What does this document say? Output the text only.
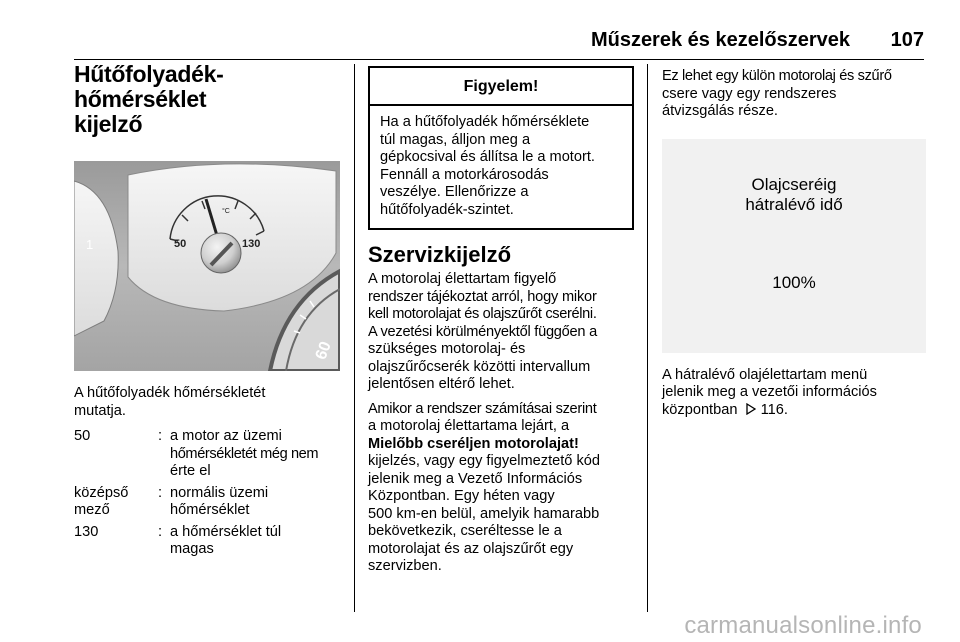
Műszerek és kezelőszervek 107
Hűtőfolyadék-hőmérséklet
kijelző
50	130
°C
1
60
A hűtőfolyadék hőmérsékletét
mutatja.
50	: a motor az üzemi
hőmérsékletét még nem
érte el
középső
mező
: normális üzemi
hőmérséklet
130	: a hőmérséklet túl
magas
Figyelem!
Ha a hűtőfolyadék hőmérséklete
túl magas, álljon meg a
gépkocsival és állítsa le a motort.
Fennáll a motorkárosodás
veszélye. Ellenőrizze a
hűtőfolyadék-szintet.
Szervizkijelző
A motorolaj élettartam figyelő
rendszer tájékoztat arról, hogy mikor
kell motorolajat és olajszűrőt cserélni.
A vezetési körülményektől függően a
szükséges motorolaj- és
olajszűrőcserék közötti intervallum
jelentősen eltérő lehet.
Amikor a rendszer számításai szerint
a motorolaj élettartama lejárt, a
Mielőbb cseréljen motorolajat!
kijelzés, vagy egy figyelmeztető kód
jelenik meg a Vezető Információs
Központban. Egy héten vagy
500 km-en belül, amelyik hamarabb
bekövetkezik, cseréltesse le a
motorolajat és az olajszűrőt egy
szervizben.
Ez lehet egy külön motorolaj és szűrő
csere vagy egy rendszeres
átvizsgálás része.
Olajcseréig
hátralévő idő
100%
A hátralévő olajélettartam menü
jelenik meg a vezetői információs
központban  116.
carmanualsonline.info
